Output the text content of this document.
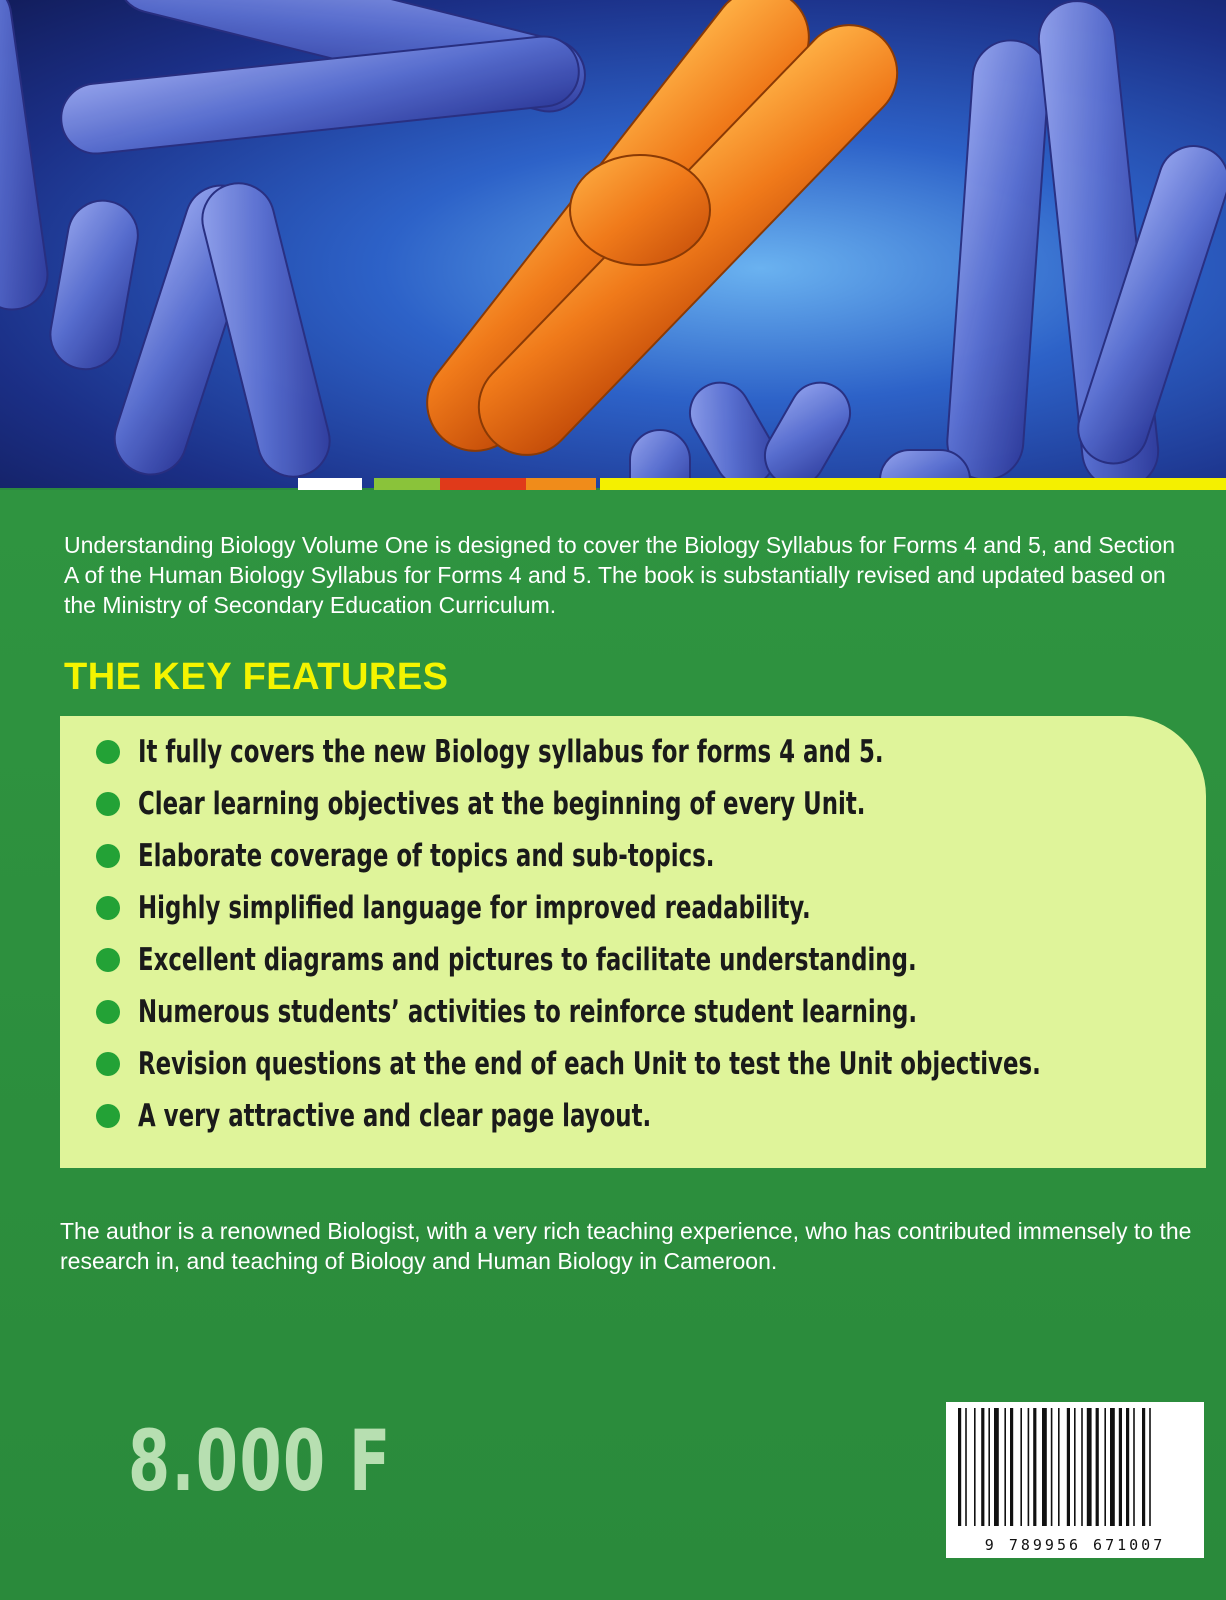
Understanding Biology Volume One is designed to cover the Biology Syllabus for Forms 4 and 5, and Section A of the Human Biology Syllabus for Forms 4 and 5. The book is substantially revised and updated based on the Ministry of Secondary Education Curriculum.

THE KEY FEATURES
It fully covers the new Biology syllabus for forms 4 and 5.
Clear learning objectives at the beginning of every Unit.
Elaborate coverage of topics and sub-topics.
Highly simplified language for improved readability.
Excellent diagrams and pictures to facilitate understanding.
Numerous students’ activities to reinforce student learning.
Revision questions at the end of each Unit to test the Unit objectives.
A very attractive and clear page layout.

The author is a renowned Biologist, with a very rich teaching experience, who has contributed immensely to the research in, and teaching of Biology and Human Biology in Cameroon.

8.000 F
9 789956 671007
